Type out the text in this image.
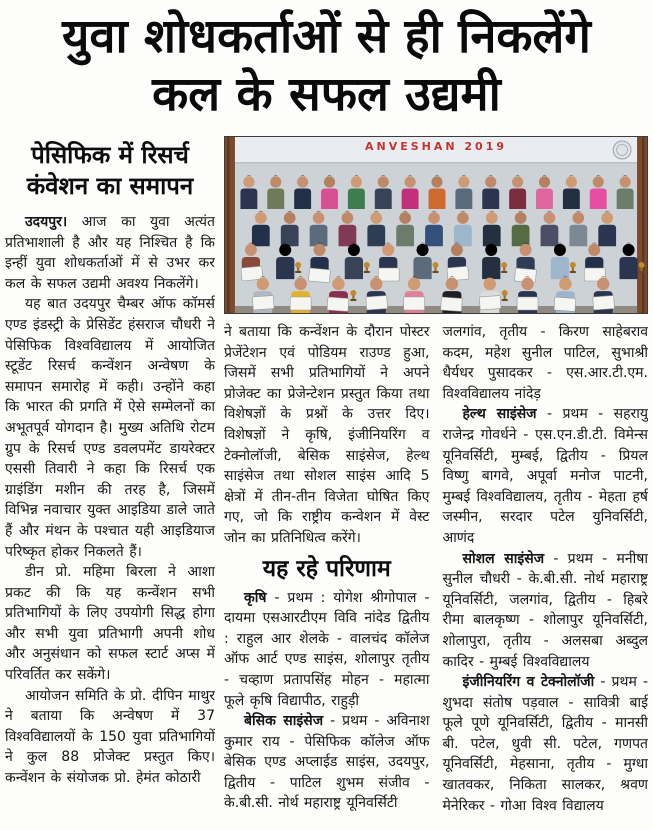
युवा शोधकर्ताओं से ही निकलेंगे
कल के सफल उद्यमी
पेसिफिक में रिसर्च
कंवेशन का समापन

उदयपुर। आज का युवा अत्यंत प्रतिभाशाली है और यह निश्चित है कि इन्हीं युवा शोधकर्ताओं में से उभर कर कल के सफल उद्यमी अवश्य निकलेंगे।

यह बात उदयपुर चैम्बर ऑफ कॉमर्स एण्ड इंडस्ट्री के प्रेसिडेंट हंसराज चौधरी ने पेसिफिक विश्वविद्यालय में आयोजित स्टूडेंट रिसर्च कन्वेंशन अन्वेषण के समापन समारोह में कही। उन्होंने कहा कि भारत की प्रगति में ऐसे सम्मेलनों का अभूतपूर्व योगदान है। मुख्य अतिथि रोटम ग्रुप के रिसर्च एण्ड डवलपमेंट डायरेक्टर एससी तिवारी ने कहा कि रिसर्च एक ग्राइंडिंग मशीन की तरह है, जिसमें विभिन्न नवाचार युक्त आइडिया डाले जाते हैं और मंथन के पश्चात यही आइडियाज परिष्कृत होकर निकलते हैं।

डीन प्रो. महिमा बिरला ने आशा प्रकट की कि यह कन्वेंशन सभी प्रतिभागियों के लिए उपयोगी सिद्ध होगा और सभी युवा प्रतिभागी अपनी शोध और अनुसंधान को सफल स्टार्ट अप्स में परिवर्तित कर सकेंगे।

आयोजन समिति के प्रो. दीपिन माथुर ने बताया कि अन्वेषण में 37 विश्वविद्यालयों के 150 युवा प्रतिभागियों ने कुल 88 प्रोजेक्ट प्रस्तुत किए। कन्वेंशन के संयोजक प्रो. हेमंत कोठारी

ANVESHAN 2019

ने बताया कि कन्वेंशन के दौरान पोस्टर प्रेजेंटेशन एवं पोडियम राउण्ड हुआ, जिसमें सभी प्रतिभागियों ने अपने प्रोजेक्ट का प्रेजेन्टेशन प्रस्तुत किया तथा विशेषज्ञों के प्रश्नों के उत्तर दिए। विशेषज्ञों ने कृषि, इंजीनियरिंग व टेक्नोलॉजी, बेसिक साइंसेज, हेल्थ साइंसेज तथा सोशल साइंस आदि 5 क्षेत्रों में तीन-तीन विजेता घोषित किए गए, जो कि राष्ट्रीय कन्वेशन में वेस्ट जोन का प्रतिनिधित्व करेंगे।

यह रहे परिणाम

कृषि - प्रथम : योगेश श्रीगोपाल - दायमा एसआरटीएम विवि नांदेड द्वितीय : राहुल आर शेलके - वालचंद कॉलेज ऑफ आर्ट एण्ड साइंस, शोलापुर तृतीय - चव्हाण प्रतापसिंह मोहन - महात्मा फूले कृषि विद्यापीठ, राहुड़ी

बेसिक साइंसेज - प्रथम - अविनाश कुमार राय - पेसिफिक कॉलेज ऑफ बेसिक एण्ड अप्लाईड साइंस, उदयपुर, द्वितीय - पाटिल शुभम संजीव - के.बी.सी. नोर्थ महाराष्ट्र यूनिवर्सिटी

जलगांव, तृतीय - किरण साहेबराव कदम, महेश सुनील पाटिल, सुभाश्री धैर्यधर पुसादकर - एस.आर.टी.एम. विश्वविद्यालय नांदेड़

हेल्थ साइंसेज - प्रथम - सहरायु राजेन्द्र गोवर्धने - एस.एन.डी.टी. विमेन्स यूनिवर्सिटी, मुम्बई, द्वितीय - प्रियल विष्णु बागवे, अपूर्वा मनोज पाटनी, मुम्बई विश्वविद्यालय, तृतीय - मेहता हर्ष जस्मीन, सरदार पटेल युनिवर्सिटी, आणंद

सोशल साइंसेज - प्रथम - मनीषा सुनील चौधरी - के.बी.सी. नोर्थ महाराष्ट्र यूनिवर्सिटी, जलगांव, द्वितीय - हिबरे रीमा बालकृष्ण - शोलापुर यूनिवर्सिटी, शोलापुरा, तृतीय - अलसबा अब्दुल कादिर - मुम्बई विश्वविद्यालय

इंजीनियरिंग व टेक्नोलॉजी - प्रथम - शुभदा संतोष पड़वाल - सावित्री बाई फूले पूणे यूनिवर्सिटी, द्वितीय - मानसी बी. पटेल, धुवी सी. पटेल, गणपत यूनिवर्सिटी, मेहसाना, तृतीय - मुग्धा खातवकर, निकिता सालकर, श्रवण मेनेरिकर - गोआ विश्व विद्यालय
